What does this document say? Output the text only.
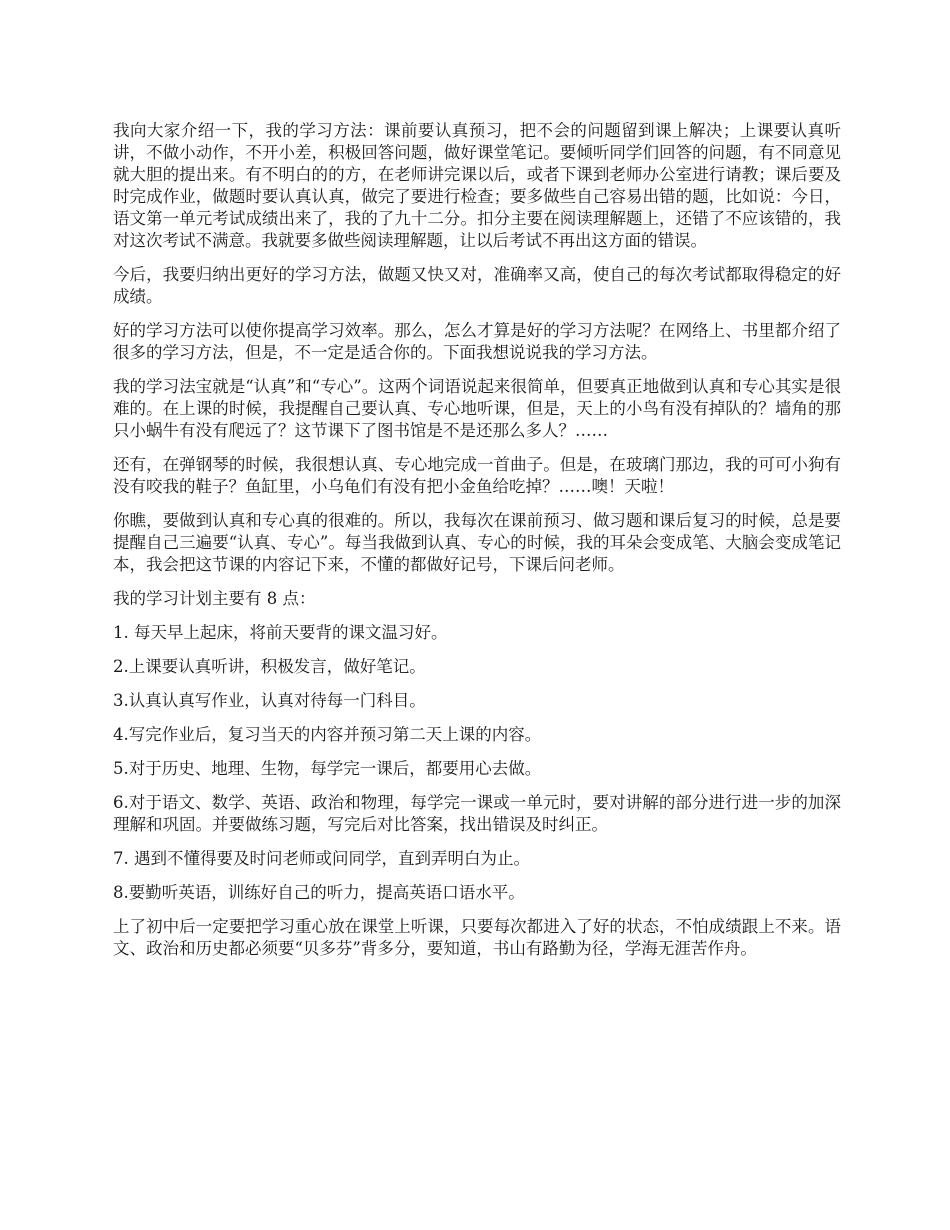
我向大家介绍一下，我的学习方法：课前要认真预习，把不会的问题留到课上解决；上课要认真听讲，不做小动作，不开小差，积极回答问题，做好课堂笔记。要倾听同学们回答的问题，有不同意见就大胆的提出来。有不明白的的方，在老师讲完课以后，或者下课到老师办公室进行请教；课后要及时完成作业，做题时要认真认真，做完了要进行检查；要多做些自己容易出错的题，比如说：今日，语文第一单元考试成绩出来了，我的了九十二分。扣分主要在阅读理解题上，还错了不应该错的，我对这次考试不满意。我就要多做些阅读理解题，让以后考试不再出这方面的错误。

今后，我要归纳出更好的学习方法，做题又快又对，准确率又高，使自己的每次考试都取得稳定的好成绩。

好的学习方法可以使你提高学习效率。那么，怎么才算是好的学习方法呢？在网络上、书里都介绍了很多的学习方法，但是，不一定是适合你的。下面我想说说我的学习方法。

我的学习法宝就是“认真”和“专心”。这两个词语说起来很简单，但要真正地做到认真和专心其实是很难的。在上课的时候，我提醒自己要认真、专心地听课，但是，天上的小鸟有没有掉队的？墙角的那只小蜗牛有没有爬远了？这节课下了图书馆是不是还那么多人？……

还有，在弹钢琴的时候，我很想认真、专心地完成一首曲子。但是，在玻璃门那边，我的可可小狗有没有咬我的鞋子？鱼缸里，小乌龟们有没有把小金鱼给吃掉？……噢！天啦！

你瞧，要做到认真和专心真的很难的。所以，我每次在课前预习、做习题和课后复习的时候，总是要提醒自己三遍要“认真、专心”。每当我做到认真、专心的时候，我的耳朵会变成笔、大脑会变成笔记本，我会把这节课的内容记下来，不懂的都做好记号，下课后问老师。

我的学习计划主要有 8 点：

1. 每天早上起床，将前天要背的课文温习好。

2.上课要认真听讲，积极发言，做好笔记。

3.认真认真写作业，认真对待每一门科目。

4.写完作业后，复习当天的内容并预习第二天上课的内容。

5.对于历史、地理、生物，每学完一课后，都要用心去做。

6.对于语文、数学、英语、政治和物理，每学完一课或一单元时，要对讲解的部分进行进一步的加深理解和巩固。并要做练习题，写完后对比答案，找出错误及时纠正。

7. 遇到不懂得要及时问老师或问同学，直到弄明白为止。

8.要勤听英语，训练好自己的听力，提高英语口语水平。

上了初中后一定要把学习重心放在课堂上听课，只要每次都进入了好的状态，不怕成绩跟上不来。语文、政治和历史都必须要“贝多芬”背多分，要知道，书山有路勤为径，学海无涯苦作舟。
